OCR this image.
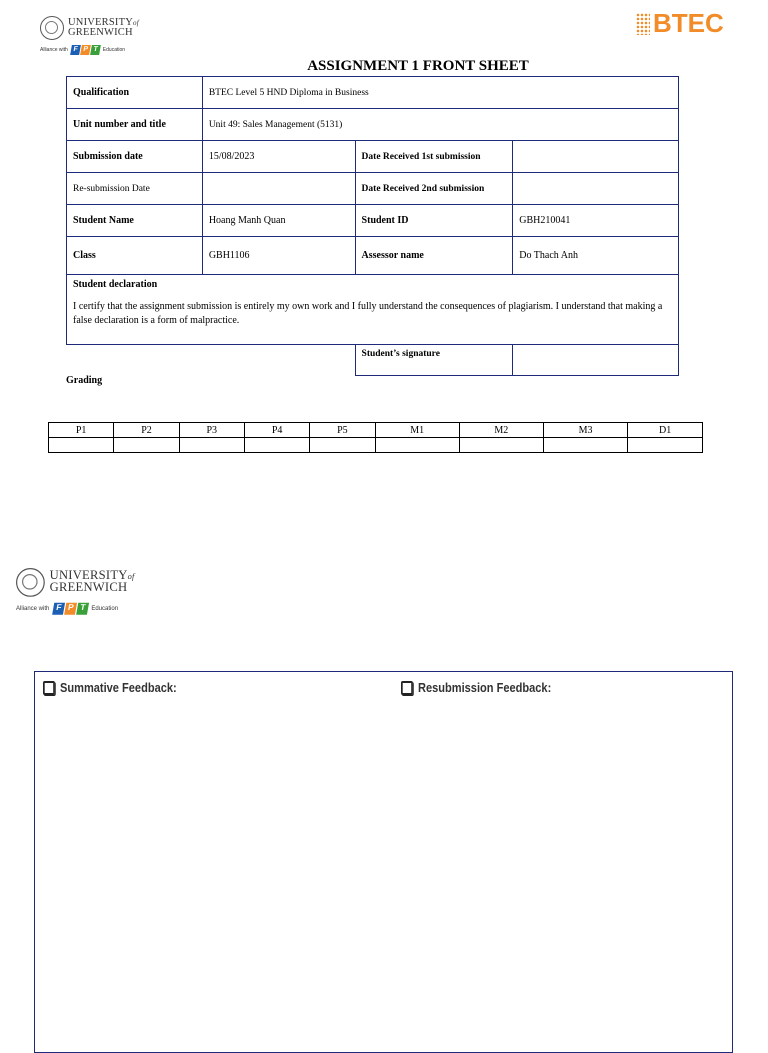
UNIVERSITYof
GREENWICH
Alliance with F P T Education
BTEC
ASSIGNMENT 1 FRONT SHEET
Qualification	BTEC Level 5 HND Diploma in Business		
Unit number and title	Unit 49: Sales Management (5131)		
Submission date	15/08/2023	Date Received 1st submission	
Re-submission Date		Date Received 2nd submission	
Student Name	Hoang Manh Quan	Student ID	GBH210041
Class	GBH1106	Assessor name	Do Thach Anh

Student declaration
I certify that the assignment submission is entirely my own work and I fully understand the consequences of plagiarism. I understand that making a false declaration is a form of malpractice.			

		Student’s signature	
Grading
P1	P2	P3	P4	P5	M1	M2	M3	D1

UNIVERSITYof
GREENWICH
Alliance with F P T	Education
Summative Feedback:	Resubmission Feedback:
